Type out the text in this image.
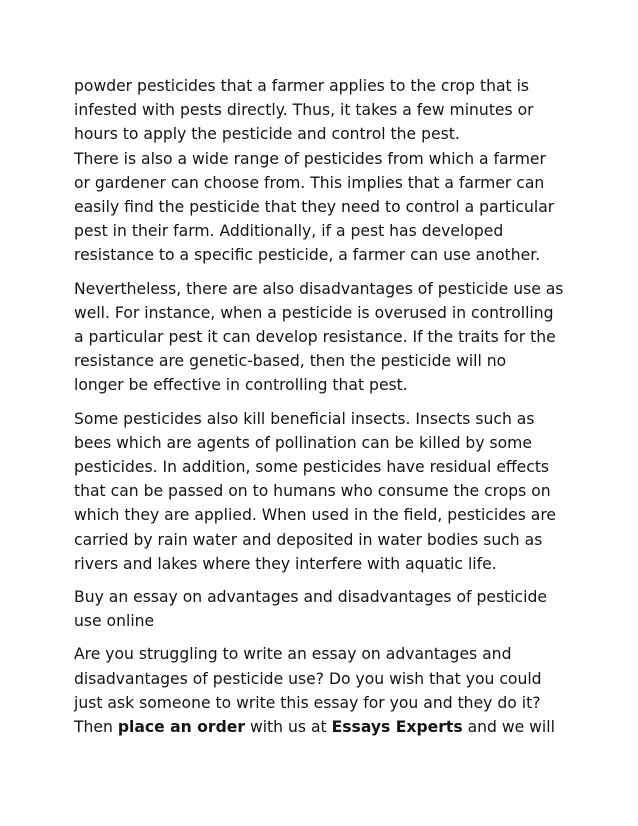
powder pesticides that a farmer applies to the crop that is
infested with pests directly. Thus, it takes a few minutes or
hours to apply the pesticide and control the pest.
There is also a wide range of pesticides from which a farmer
or gardener can choose from. This implies that a farmer can
easily find the pesticide that they need to control a particular
pest in their farm. Additionally, if a pest has developed
resistance to a specific pesticide, a farmer can use another.
Nevertheless, there are also disadvantages of pesticide use as
well. For instance, when a pesticide is overused in controlling
a particular pest it can develop resistance. If the traits for the
resistance are genetic-based, then the pesticide will no
longer be effective in controlling that pest.
Some pesticides also kill beneficial insects. Insects such as
bees which are agents of pollination can be killed by some
pesticides. In addition, some pesticides have residual effects
that can be passed on to humans who consume the crops on
which they are applied. When used in the field, pesticides are
carried by rain water and deposited in water bodies such as
rivers and lakes where they interfere with aquatic life.
Buy an essay on advantages and disadvantages of pesticide
use online
Are you struggling to write an essay on advantages and
disadvantages of pesticide use? Do you wish that you could
just ask someone to write this essay for you and they do it?
Then place an order with us at Essays Experts and we will
